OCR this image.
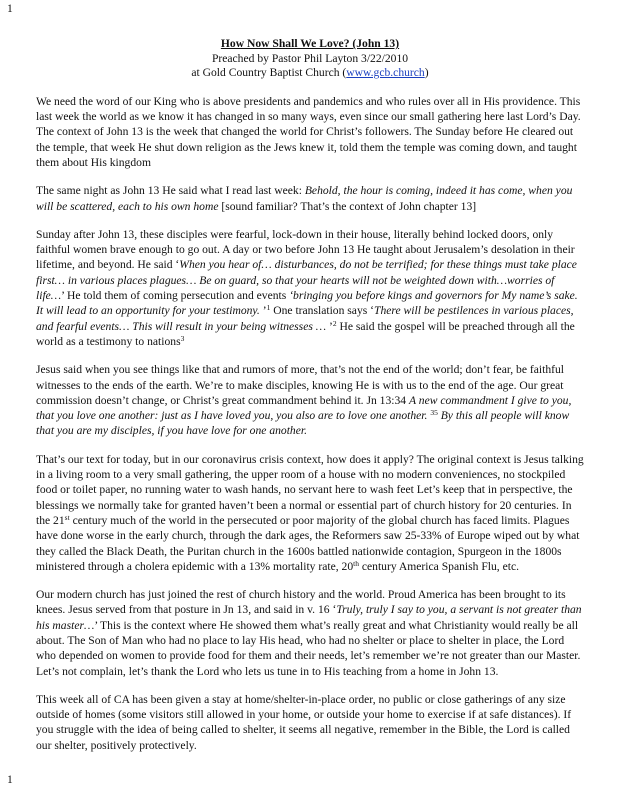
1
How Now Shall We Love? (John 13)
Preached by Pastor Phil Layton 3/22/2010
at Gold Country Baptist Church (www.gcb.church)

We need the word of our King who is above presidents and pandemics and who rules over all in His providence. This last week the world as we know it has changed in so many ways, even since our small gathering here last Lord’s Day. The context of John 13 is the week that changed the world for Christ’s followers. The Sunday before He cleared out the temple, that week He shut down religion as the Jews knew it, told them the temple was coming down, and taught them about His kingdom

The same night as John 13 He said what I read last week: Behold, the hour is coming, indeed it has come, when you will be scattered, each to his own home [sound familiar? That’s the context of John chapter 13]

Sunday after John 13, these disciples were fearful, lock-down in their house, literally behind locked doors, only faithful women brave enough to go out. A day or two before John 13 He taught about Jerusalem’s desolation in their lifetime, and beyond. He said ‘When you hear of… disturbances, do not be terrified; for these things must take place first… in various places plagues… Be on guard, so that your hearts will not be weighted down with…worries of life…’ He told them of coming persecution and events ‘bringing you before kings and governors for My name’s sake. It will lead to an opportunity for your testimony. ’$^1$ One translation says ‘There will be pestilences in various places, and fearful events… This will result in your being witnesses … ’$^2$ He said the gospel will be preached through all the world as a testimony to nations$^3$

Jesus said when you see things like that and rumors of more, that’s not the end of the world; don’t fear, be faithful witnesses to the ends of the earth. We’re to make disciples, knowing He is with us to the end of the age. Our great commission doesn’t change, or Christ’s great commandment behind it. Jn 13:34 A new commandment I give to you, that you love one another: just as I have loved you, you also are to love one another. $^{35}$ By this all people will know that you are my disciples, if you have love for one another.

That’s our text for today, but in our coronavirus crisis context, how does it apply? The original context is Jesus talking in a living room to a very small gathering, the upper room of a house with no modern conveniences, no stockpiled food or toilet paper, no running water to wash hands, no servant here to wash feet Let’s keep that in perspective, the blessings we normally take for granted haven’t been a normal or essential part of church history for 20 centuries. In the 21st century much of the world in the persecuted or poor majority of the global church has faced limits. Plagues have done worse in the early church, through the dark ages, the Reformers saw 25-33% of Europe wiped out by what they called the Black Death, the Puritan church in the 1600s battled nationwide contagion, Spurgeon in the 1800s ministered through a cholera epidemic with a 13% mortality rate, 20th century America Spanish Flu, etc.

Our modern church has just joined the rest of church history and the world. Proud America has been brought to its knees. Jesus served from that posture in Jn 13, and said in v. 16 ‘Truly, truly I say to you, a servant is not greater than his master…’ This is the context where He showed them what’s really great and what Christianity would really be all about. The Son of Man who had no place to lay His head, who had no shelter or place to shelter in place, the Lord who depended on women to provide food for them and their needs, let’s remember we’re not greater than our Master. Let’s not complain, let’s thank the Lord who lets us tune in to His teaching from a home in John 13.

This week all of CA has been given a stay at home/shelter-in-place order, no public or close gatherings of any size outside of homes (some visitors still allowed in your home, or outside your home to exercise if at safe distances). If you struggle with the idea of being called to shelter, it seems all negative, remember in the Bible, the Lord is called our shelter, positively protectively.

1
